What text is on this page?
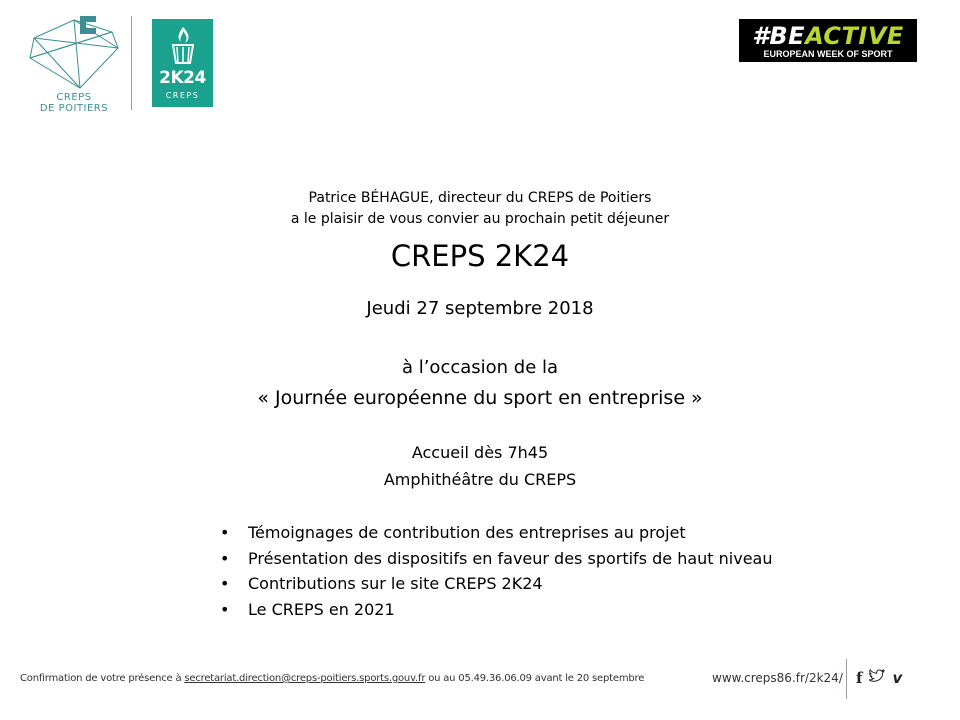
CREPS
DE POITIERS
2K24
CREPS
#BEACTIVE
EUROPEAN WEEK OF SPORT
Patrice BÉHAGUE, directeur du CREPS de Poitiers
a le plaisir de vous convier au prochain petit déjeuner
CREPS 2K24
Jeudi 27 septembre 2018
à l’occasion de la
« Journée européenne du sport en entreprise »
Accueil dès 7h45
Amphithéâtre du CREPS
• Témoignages de contribution des entreprises au projet
• Présentation des dispositifs en faveur des sportifs de haut niveau
• Contributions sur le site CREPS 2K24
• Le CREPS en 2021
Confirmation de votre présence à secretariat.direction@creps-poitiers.sports.gouv.fr ou au 05.49.36.06.09 avant le 20 septembre	www.creps86.fr/2k24/ f v
